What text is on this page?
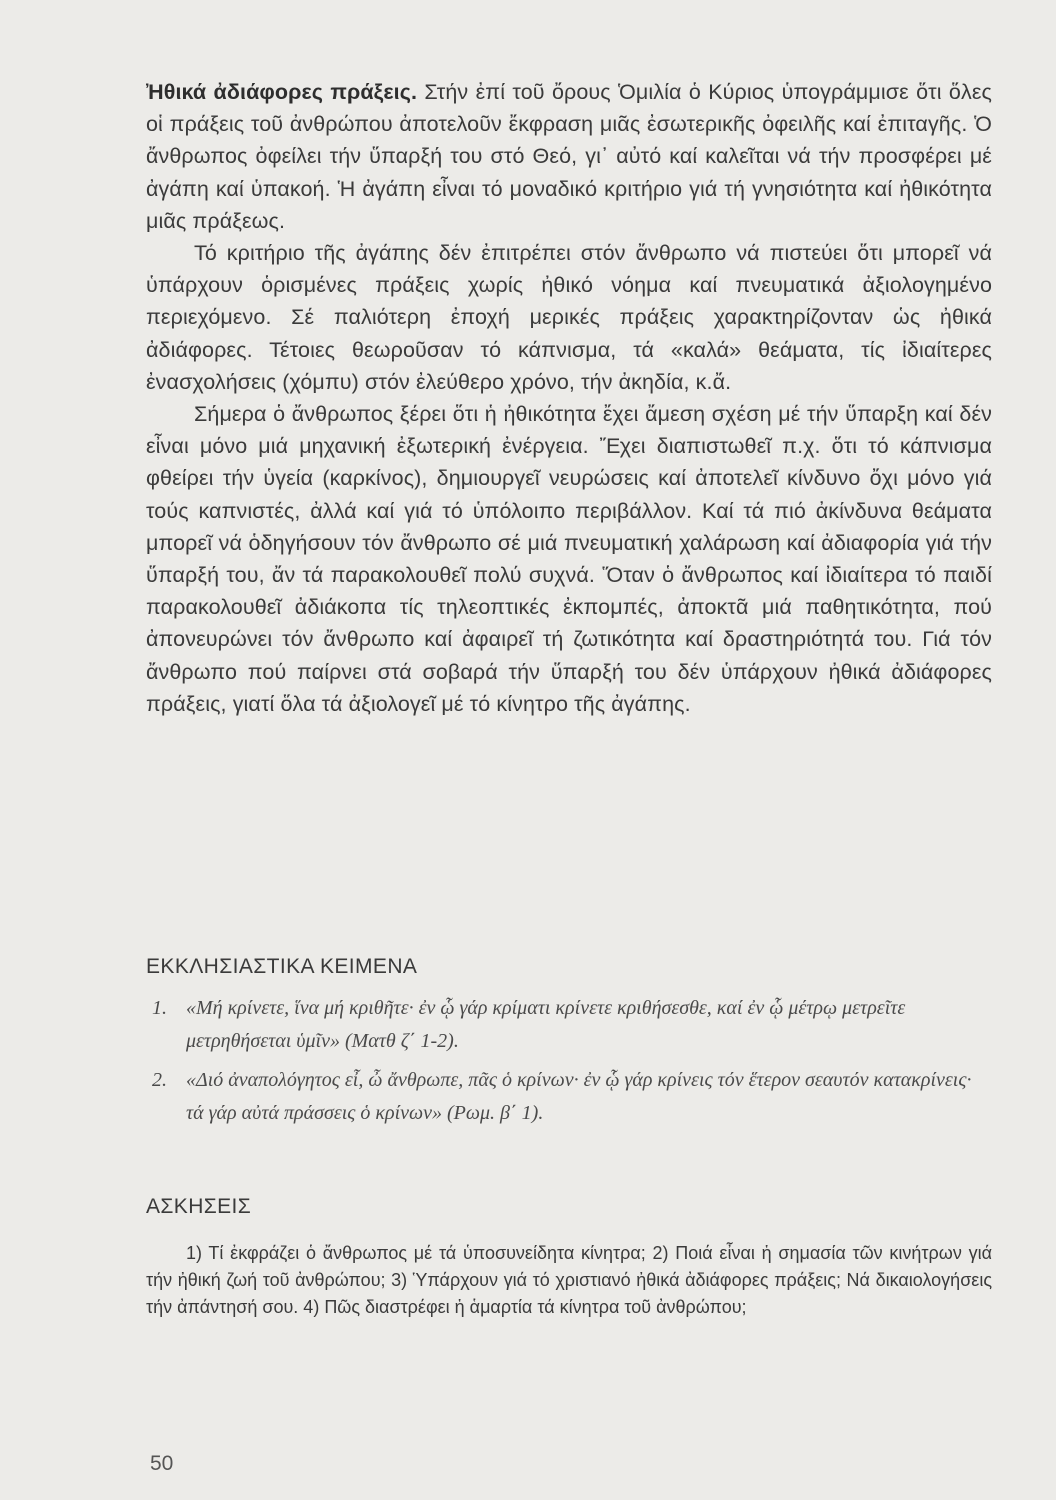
Ἠθικά ἀδιάφορες πράξεις. Στήν ἐπί τοῦ ὄρους Ὁμιλία ὁ Κύριος ὑπογράμμισε ὅτι ὅλες οἱ πράξεις τοῦ ἀνθρώπου ἀποτελοῦν ἔκφραση μιᾶς ἐσωτερικῆς ὀφειλῆς καί ἐπιταγῆς. Ὁ ἄνθρωπος ὀφείλει τήν ὕπαρξή του στό Θεό, γι᾽ αὐτό καί καλεῖται νά τήν προσφέρει μέ ἀγάπη καί ὑπακοή. Ἡ ἀγάπη εἶναι τό μοναδικό κριτήριο γιά τή γνησιότητα καί ἠθικότητα μιᾶς πράξεως.

Τό κριτήριο τῆς ἀγάπης δέν ἐπιτρέπει στόν ἄνθρωπο νά πιστεύει ὅτι μπορεῖ νά ὑπάρχουν ὁρισμένες πράξεις χωρίς ἠθικό νόημα καί πνευματικά ἀξιολογημένο περιεχόμενο. Σέ παλιότερη ἐποχή μερικές πράξεις χαρακτηρίζονταν ὡς ἠθικά ἀδιάφορες. Τέτοιες θεωροῦσαν τό κάπνισμα, τά «καλά» θεάματα, τίς ἰδιαίτερες ἐνασχολήσεις (χόμπυ) στόν ἐλεύθερο χρόνο, τήν ἀκηδία, κ.ἄ.

Σήμερα ὁ ἄνθρωπος ξέρει ὅτι ἡ ἠθικότητα ἔχει ἄμεση σχέση μέ τήν ὕπαρξη καί δέν εἶναι μόνο μιά μηχανική ἐξωτερική ἐνέργεια. Ἔχει διαπιστωθεῖ π.χ. ὅτι τό κάπνισμα φθείρει τήν ὑγεία (καρκίνος), δημιουργεῖ νευρώσεις καί ἀποτελεῖ κίνδυνο ὄχι μόνο γιά τούς καπνιστές, ἀλλά καί γιά τό ὑπόλοιπο περιβάλλον. Καί τά πιό ἀκίνδυνα θεάματα μπορεῖ νά ὁδηγήσουν τόν ἄνθρωπο σέ μιά πνευματική χαλάρωση καί ἀδιαφορία γιά τήν ὕπαρξή του, ἄν τά παρακολουθεῖ πολύ συχνά. Ὅταν ὁ ἄνθρωπος καί ἰδιαίτερα τό παιδί παρακολουθεῖ ἀδιάκοπα τίς τηλεοπτικές ἐκπομπές, ἀποκτᾶ μιά παθητικότητα, πού ἀπονευρώνει τόν ἄνθρωπο καί ἀφαιρεῖ τή ζωτικότητα καί δραστηριότητά του. Γιά τόν ἄνθρωπο πού παίρνει στά σοβαρά τήν ὕπαρξή του δέν ὑπάρχουν ἠθικά ἀδιάφορες πράξεις, γιατί ὅλα τά ἀξιολογεῖ μέ τό κίνητρο τῆς ἀγάπης.

ΕΚΚΛΗΣΙΑΣΤΙΚΑ ΚΕΙΜΕΝΑ
1. «Μή κρίνετε, ἵνα μή κριθῆτε· ἐν ᾧ γάρ κρίματι κρίνετε κριθήσεσθε, καί ἐν ᾧ μέτρῳ μετρεῖτε μετρηθήσεται ὑμῖν» (Ματθ ζ΄ 1-2).
2. «Διό ἀναπολόγητος εἶ, ὦ ἄνθρωπε, πᾶς ὁ κρίνων· ἐν ᾧ γάρ κρίνεις τόν ἕτερον σεαυτόν κατακρίνεις· τά γάρ αὐτά πράσσεις ὁ κρίνων» (Ρωμ. β΄ 1).
ΑΣΚΗΣΕΙΣ
1) Τί ἐκφράζει ὁ ἄνθρωπος μέ τά ὑποσυνείδητα κίνητρα; 2) Ποιά εἶναι ἡ σημασία τῶν κινήτρων γιά τήν ἠθική ζωή τοῦ ἀνθρώπου; 3) Ὑπάρχουν γιά τό χριστιανό ἠθικά ἀδιάφορες πράξεις; Νά δικαιολογήσεις τήν ἀπάντησή σου. 4) Πῶς διαστρέφει ἡ ἁμαρτία τά κίνητρα τοῦ ἀνθρώπου;
50
